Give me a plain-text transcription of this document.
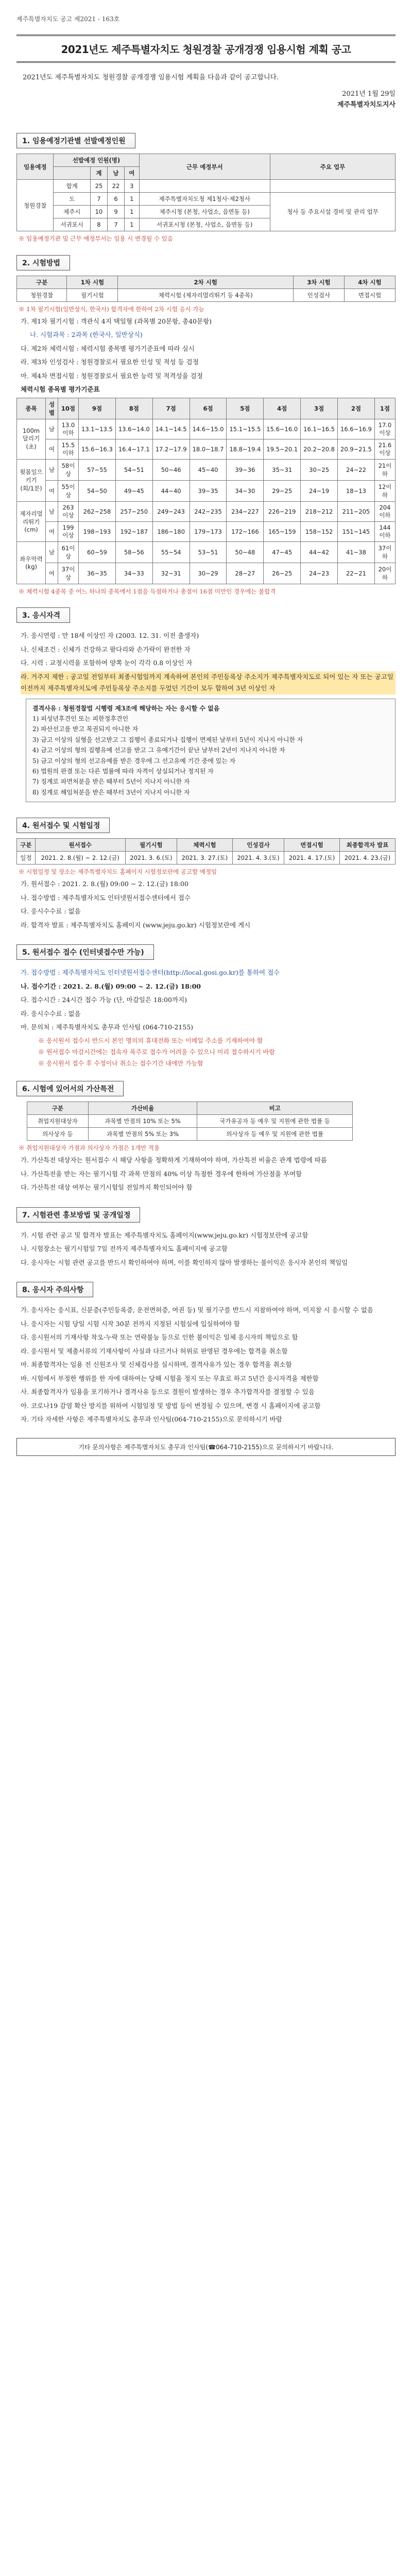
제주특별자치도 공고 제2021 - 163호
2021년도 제주특별자치도 청원경찰 공개경쟁 임용시험 계획 공고

2021년도 제주특별자치도 청원경찰 공개경쟁 임용시험 계획을 다음과 같이 공고합니다.

2021년 1월 29일
제주특별자치도지사
1. 임용예정기관별 선발예정인원
임용예정	선발예정 인원(명)				근무 예정부서	주요 업무
		계	남	여		
청원경찰	합계	25	22	3		
	도	7	6	1	제주특별자치도청 제1청사·제2청사	청사 등 주요시설 경비 및 관리 업무
	제주시	10	9	1	제주시청 (본청, 사업소, 읍면동 등)	
	서귀포시	8	7	1	서귀포시청 (본청, 사업소, 읍면동 등)	
※ 임용예정기관 및 근무 예정부서는 임용 시 변경될 수 있음
2. 시험방법
구분	1차 시험	2차 시험	3차 시험	4차 시험
청원경찰	필기시험	체력시험 (제자리멀리뛰기 등 4종목)	인성검사	면접시험
※ 1차 필기시험(일반상식, 한국사) 합격자에 한하여 2차 시험 응시 가능
가. 제1차 필기시험 : 객관식 4지 택일형 (과목별 20문항, 총40문항)
나. 시험과목 : 2과목 (한국사, 일반상식)
다. 제2차 체력시험 : 체력시험 종목별 평가기준표에 따라 실시
라. 제3차 인성검사 : 청원경찰로서 필요한 인성 및 적성 등 검정
마. 제4차 면접시험 : 청원경찰로서 필요한 능력 및 적격성을 검정
체력시험 종목별 평가기준표
종목	성별	10점	9점	8점	7점	6점	5점	4점	3점	2점	1점
100m 달리기(초)	남	13.0이하	13.1~13.5	13.6~14.0	14.1~14.5	14.6~15.0	15.1~15.5	15.6~16.0	16.1~16.5	16.6~16.9	17.0이상
	여	15.5이하	15.6~16.3	16.4~17.1	17.2~17.9	18.0~18.7	18.8~19.4	19.5~20.1	20.2~20.8	20.9~21.5	21.6이상
윗몸일으키기(회/1분)	남	58이상	57~55	54~51	50~46	45~40	39~36	35~31	30~25	24~22	21이하
	여	55이상	54~50	49~45	44~40	39~35	34~30	29~25	24~19	18~13	12이하
제자리멀리뛰기(cm)	남	263이상	262~258	257~250	249~243	242~235	234~227	226~219	218~212	211~205	204이하
	여	199이상	198~193	192~187	186~180	179~173	172~166	165~159	158~152	151~145	144이하
좌우악력(kg)	남	61이상	60~59	58~56	55~54	53~51	50~48	47~45	44~42	41~38	37이하
	여	37이상	36~35	34~33	32~31	30~29	28~27	26~25	24~23	22~21	20이하
※ 체력시험 4종목 중 어느 하나의 종목에서 1점을 득점하거나 총점이 16점 미만인 경우에는 불합격
3. 응시자격
가. 응시연령 : 만 18세 이상인 자 (2003. 12. 31. 이전 출생자)
나. 신체조건 : 신체가 건강하고 팔다리와 손가락이 완전한 자
다. 시력 : 교정시력을 포함하여 양쪽 눈이 각각 0.8 이상인 자
라. 거주지 제한 : 공고일 전일부터 최종시험일까지 계속하여 본인의 주민등록상 주소지가 제주특별자치도로 되어 있는 자 또는 공고일 이전까지 제주특별자치도에 주민등록상 주소지를 두었던 기간이 모두 합하여 3년 이상인 자
결격사유 : 청원경찰법 시행령 제3조에 해당하는 자는 응시할 수 없음
1) 피성년후견인 또는 피한정후견인
2) 파산선고를 받고 복권되지 아니한 자
3) 금고 이상의 실형을 선고받고 그 집행이 종료되거나 집행이 면제된 날부터 5년이 지나지 아니한 자
4) 금고 이상의 형의 집행유예 선고를 받고 그 유예기간이 끝난 날부터 2년이 지나지 아니한 자
5) 금고 이상의 형의 선고유예를 받은 경우에 그 선고유예 기간 중에 있는 자
6) 법원의 판결 또는 다른 법률에 따라 자격이 상실되거나 정지된 자
7) 징계로 파면처분을 받은 때부터 5년이 지나지 아니한 자
8) 징계로 해임처분을 받은 때부터 3년이 지나지 아니한 자
4. 원서접수 및 시험일정
구분	원서접수	필기시험	체력시험	인성검사	면접시험	최종합격자 발표
일정	2021. 2. 8.(월) ~ 2. 12.(금)	2021. 3. 6.(토)	2021. 3. 27.(토)	2021. 4. 3.(토)	2021. 4. 17.(토)	2021. 4. 23.(금)
※ 시험일정 및 장소는 제주특별자치도 홈페이지 시험정보란에 공고할 예정임
가. 원서접수 : 2021. 2. 8.(월) 09:00 ~ 2. 12.(금) 18:00
나. 접수방법 : 제주특별자치도 인터넷원서접수센터에서 접수
다. 응시수수료 : 없음
라. 합격자 발표 : 제주특별자치도 홈페이지 (www.jeju.go.kr) 시험정보란에 게시
5. 원서접수 접수 (인터넷접수만 가능)
가. 접수방법 : 제주특별자치도 인터넷원서접수센터(http://local.gosi.go.kr)를 통하여 접수
나. 접수기간 : 2021. 2. 8.(월) 09:00 ~ 2. 12.(금) 18:00
다. 접수시간 : 24시간 접수 가능 (단, 마감일은 18:00까지)
라. 응시수수료 : 없음
마. 문의처 : 제주특별자치도 총무과 인사팀 (064-710-2155)
※ 응시원서 접수시 반드시 본인 명의의 휴대전화 또는 이메일 주소를 기재하여야 함
※ 원서접수 마감시간에는 접속자 폭주로 접수가 어려울 수 있으니 미리 접수하시기 바람
※ 응시원서 접수 후 수정이나 취소는 접수기간 내에만 가능함
6. 시험에 있어서의 가산특전
구분	가산비율	비고
취업지원대상자	과목별 만점의 10% 또는 5%	국가유공자 등 예우 및 지원에 관한 법률 등
의사상자 등	과목별 만점의 5% 또는 3%	의사상자 등 예우 및 지원에 관한 법률
※ 취업지원대상자 가점과 의사상자 가점은 1개만 적용
가. 가산특전 대상자는 원서접수 시 해당 사항을 정확하게 기재하여야 하며, 가산특전 비율은 관계 법령에 따름
나. 가산특전을 받는 자는 필기시험 각 과목 만점의 40% 이상 득점한 경우에 한하여 가산점을 부여함
다. 가산특전 대상 여부는 필기시험일 전일까지 확인되어야 함
7. 시험관련 홍보방법 및 공개일정
가. 시험 관련 공고 및 합격자 발표는 제주특별자치도 홈페이지(www.jeju.go.kr) 시험정보란에 공고함
나. 시험장소는 필기시험일 7일 전까지 제주특별자치도 홈페이지에 공고함
다. 응시자는 시험 관련 공고를 반드시 확인하여야 하며, 이를 확인하지 않아 발생하는 불이익은 응시자 본인의 책임임
8. 응시자 주의사항
가. 응시자는 응시표, 신분증(주민등록증, 운전면허증, 여권 등) 및 필기구를 반드시 지참하여야 하며, 미지참 시 응시할 수 없음
나. 응시자는 시험 당일 시험 시작 30분 전까지 지정된 시험실에 입실하여야 함
다. 응시원서의 기재사항 착오·누락 또는 연락불능 등으로 인한 불이익은 일체 응시자의 책임으로 함
라. 응시원서 및 제출서류의 기재사항이 사실과 다르거나 허위로 판명된 경우에는 합격을 취소함
마. 최종합격자는 임용 전 신원조사 및 신체검사를 실시하며, 결격사유가 있는 경우 합격을 취소함
바. 시험에서 부정한 행위를 한 자에 대하여는 당해 시험을 정지 또는 무효로 하고 5년간 응시자격을 제한함
사. 최종합격자가 임용을 포기하거나 결격사유 등으로 결원이 발생하는 경우 추가합격자를 결정할 수 있음
아. 코로나19 감염 확산 방지를 위하여 시험일정 및 방법 등이 변경될 수 있으며, 변경 시 홈페이지에 공고함
자. 기타 자세한 사항은 제주특별자치도 총무과 인사팀(064-710-2155)으로 문의하시기 바람
기타 문의사항은 제주특별자치도 총무과 인사팀(☎064-710-2155)으로 문의하시기 바랍니다.
